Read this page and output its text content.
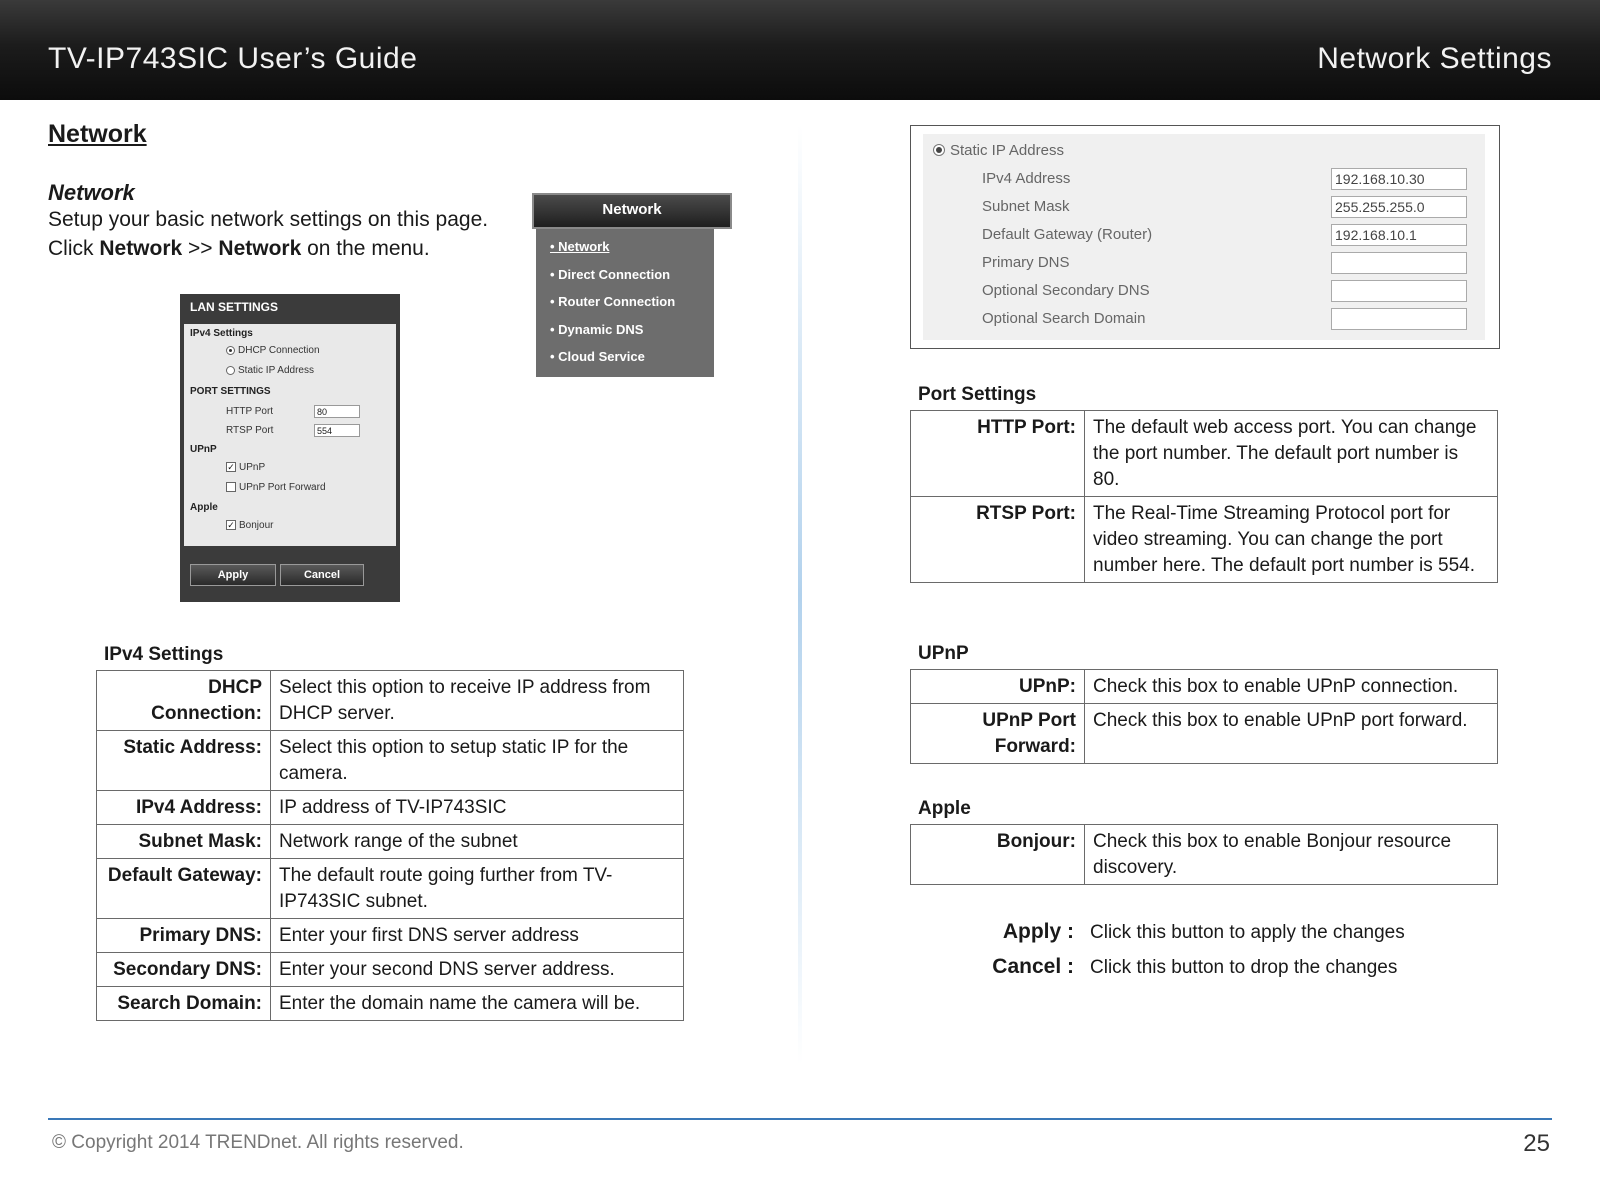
TV-IP743SIC User’s Guide	Network Settings
Network
Network
Setup your basic network settings on this page.
Click Network >> Network on the menu.
Network
• Network
• Direct Connection
• Router Connection
• Dynamic DNS
• Cloud Service
LAN SETTINGS
IPv4 Settings
DHCP Connection
Static IP Address
PORT SETTINGS
HTTP Port	80
RTSP Port	554
UPnP
✓ UPnP
UPnP Port Forward
Apple
✓ Bonjour
Apply	Cancel
IPv4 Settings
DHCP Connection:	Select this option to receive IP address from DHCP server.
Static Address:	Select this option to setup static IP for the camera.
IPv4 Address:	IP address of TV-IP743SIC
Subnet Mask:	Network range of the subnet
Default Gateway:	The default route going further from TV-IP743SIC subnet.
Primary DNS:	Enter your first DNS server address
Secondary DNS:	Enter your second DNS server address.
Search Domain:	Enter the domain name the camera will be.
Static IP Address
IPv4 Address	192.168.10.30
Subnet Mask	255.255.255.0
Default Gateway (Router)	192.168.10.1
Primary DNS
Optional Secondary DNS
Optional Search Domain
Port Settings
HTTP Port:	The default web access port. You can change the port number. The default port number is 80.
RTSP Port:	The Real-Time Streaming Protocol port for video streaming. You can change the port number here. The default port number is 554.
UPnP
UPnP:	Check this box to enable UPnP connection.
UPnP Port Forward:	Check this box to enable UPnP port forward.
Apple
Bonjour:	Check this box to enable Bonjour resource discovery.
Apply : Click this button to apply the changes
Cancel : Click this button to drop the changes
© Copyright 2014 TRENDnet. All rights reserved.	25
